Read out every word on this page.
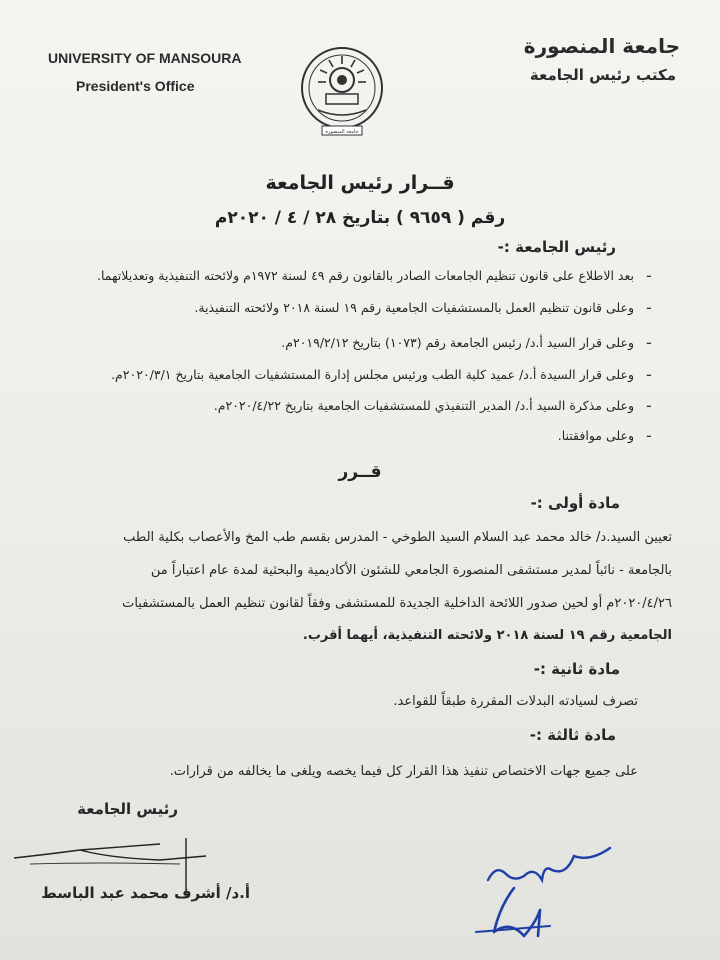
UNIVERSITY OF MANSOURA
President's Office
جامعة المنصورة
مكتب رئيس الجامعة
جامعة المنصورة
قــرار رئيس الجامعة
رقم ( ٩٦٥٩ ) بتاريخ ٢٨ / ٤ / ٢٠٢٠م
رئيس الجامعة :-
-
بعد الاطلاع على قانون تنظيم الجامعات الصادر بالقانون رقم ٤٩ لسنة ١٩٧٢م ولائحته التنفيذية وتعديلاتهما.
-
وعلى قانون تنظيم العمل بالمستشفيات الجامعية رقم ١٩ لسنة ٢٠١٨ ولائحته التنفيذية.
-
وعلى قرار السيد أ.د/ رئيس الجامعة رقم (١٠٧٣) بتاريخ ٢٠١٩/٢/١٢م.
-
وعلى قرار السيدة أ.د/ عميد كلية الطب ورئيس مجلس إدارة المستشفيات الجامعية بتاريخ ٢٠٢٠/٣/١م.
-
وعلى مذكرة السيد أ.د/ المدير التنفيذي للمستشفيات الجامعية بتاريخ ٢٠٢٠/٤/٢٢م.
-
وعلى موافقتنا.
قــرر
مادة أولى :-
تعيين السيد.د/ خالد محمد عبد السلام السيد الطوخي - المدرس بقسم طب المخ والأعصاب بكلية الطب
بالجامعة - نائباً لمدير مستشفى المنصورة الجامعي للشئون الأكاديمية والبحثية لمدة عام اعتباراً من
٢٠٢٠/٤/٢٦م أو لحين صدور اللائحة الداخلية الجديدة للمستشفى وفقاً لقانون تنظيم العمل بالمستشفيات
الجامعية رقم ١٩ لسنة ٢٠١٨ ولائحته التنفيذية، أيهما أقرب.
مادة ثانية :-
تصرف لسيادته البدلات المقررة طبقاً للقواعد.
مادة ثالثة :-
على جميع جهات الاختصاص تنفيذ هذا القرار كل فيما يخصه ويلغى ما يخالفه من قرارات.
رئيس الجامعة
أ.د/ أشرف محمد عبد الباسط
